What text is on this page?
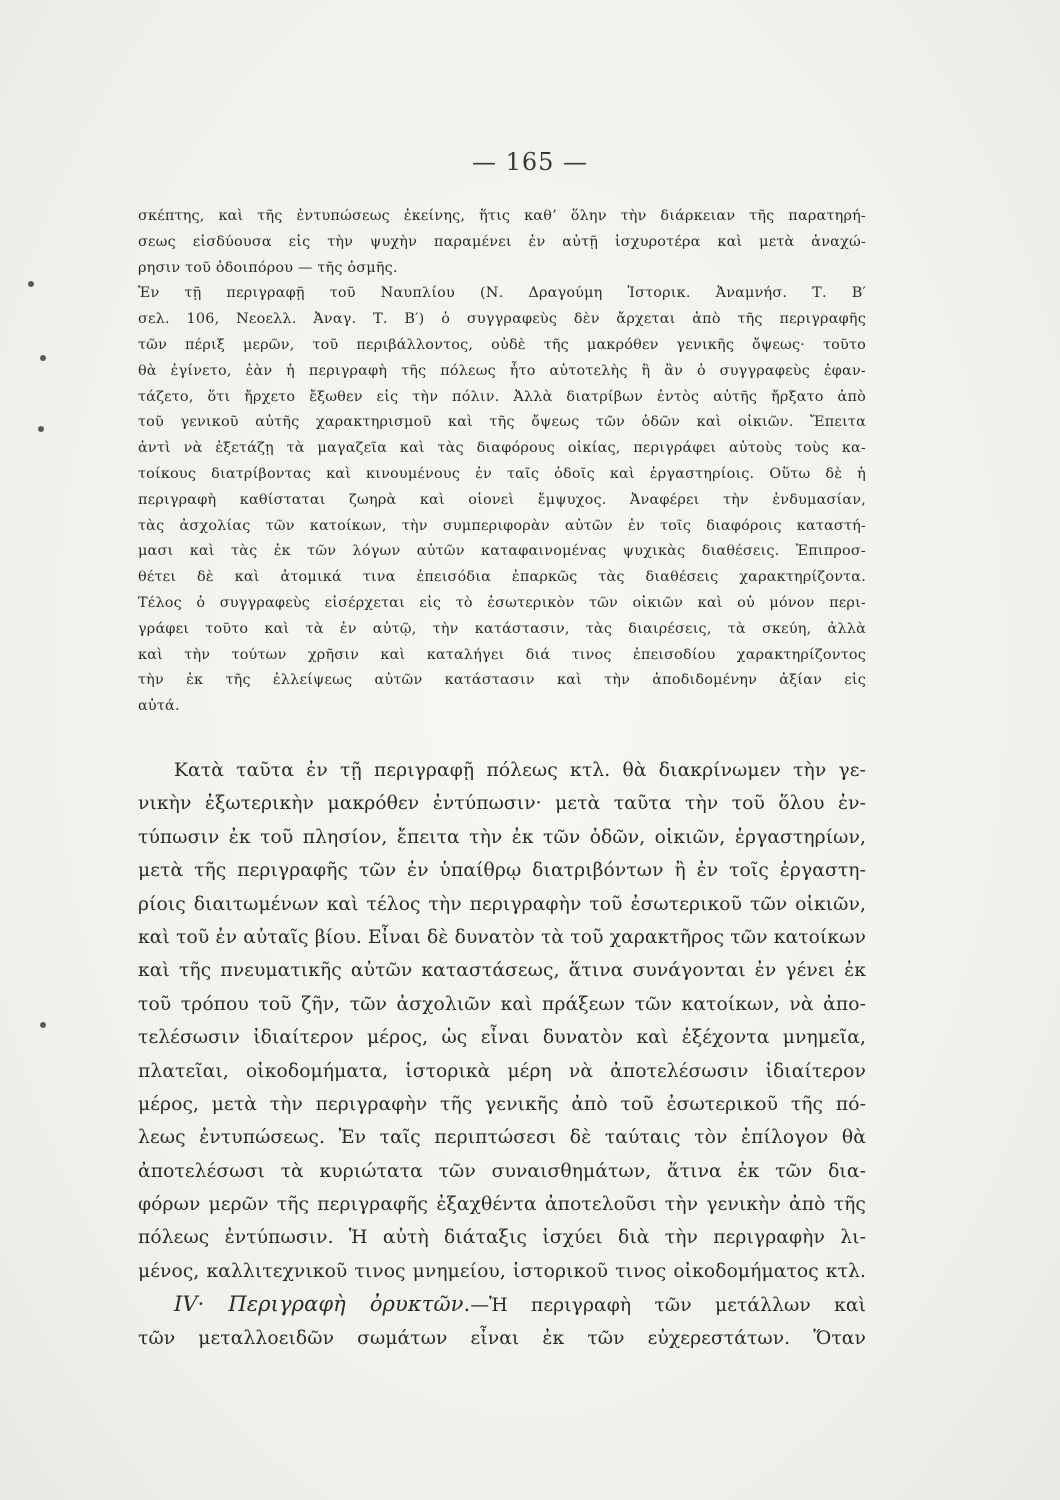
— 165 —
σκέπτης, καὶ τῆς ἐντυπώσεως ἐκείνης, ἥτις καθ’ ὅλην τὴν διάρκειαν τῆς παρατηρή-
σεως εἰσδύουσα εἰς τὴν ψυχὴν παραμένει ἐν αὐτῇ ἰσχυροτέρα καὶ μετὰ ἀναχώ-
ρησιν τοῦ ὁδοιπόρου — τῆς ὀσμῆς.
Ἐν τῇ περιγραφῇ τοῦ Ναυπλίου (Ν. Δραγούμη Ἱστορικ. Ἀναμνήσ. Τ. Β′
σελ. 106, Νεοελλ. Ἀναγ. Τ. Β′) ὁ συγγραφεὺς δὲν ἄρχεται ἀπὸ τῆς περιγραφῆς
τῶν πέριξ μερῶν, τοῦ περιβάλλοντος, οὐδὲ τῆς μακρόθεν γενικῆς ὄψεως· τοῦτο
θὰ ἐγίνετο, ἐὰν ἡ περιγραφὴ τῆς πόλεως ἦτο αὐτοτελὴς ἢ ἂν ὁ συγγραφεὺς ἐφαν-
τάζετο, ὅτι ἤρχετο ἔξωθεν εἰς τὴν πόλιν. Ἀλλὰ διατρίβων ἐντὸς αὐτῆς ἤρξατο ἀπὸ
τοῦ γενικοῦ αὐτῆς χαρακτηρισμοῦ καὶ τῆς ὄψεως τῶν ὁδῶν καὶ οἰκιῶν. Ἔπειτα
ἀντὶ νὰ ἐξετάζῃ τὰ μαγαζεῖα καὶ τὰς διαφόρους οἰκίας, περιγράφει αὐτοὺς τοὺς κα-
τοίκους διατρίβοντας καὶ κινουμένους ἐν ταῖς ὁδοῖς καὶ ἐργαστηρίοις. Οὕτω δὲ ἡ
περιγραφὴ καθίσταται ζωηρὰ καὶ οἱονεὶ ἔμψυχος. Ἀναφέρει τὴν ἐνδυμασίαν,
τὰς ἀσχολίας τῶν κατοίκων, τὴν συμπεριφορὰν αὐτῶν ἐν τοῖς διαφόροις καταστή-
μασι καὶ τὰς ἐκ τῶν λόγων αὐτῶν καταφαινομένας ψυχικὰς διαθέσεις. Ἐπιπροσ-
θέτει δὲ καὶ ἀτομικά τινα ἐπεισόδια ἐπαρκῶς τὰς διαθέσεις χαρακτηρίζοντα.
Τέλος ὁ συγγραφεὺς εἰσέρχεται εἰς τὸ ἐσωτερικὸν τῶν οἰκιῶν καὶ οὐ μόνον περι-
γράφει τοῦτο καὶ τὰ ἐν αὐτῷ, τὴν κατάστασιν, τὰς διαιρέσεις, τὰ σκεύη, ἀλλὰ
καὶ τὴν τούτων χρῆσιν καὶ καταλήγει διά τινος ἐπεισοδίου χαρακτηρίζοντος
τὴν ἐκ τῆς ἐλλείψεως αὐτῶν κατάστασιν καὶ τὴν ἀποδιδομένην ἀξίαν εἰς
αὐτά.
Κατὰ ταῦτα ἐν τῇ περιγραφῇ πόλεως κτλ. θὰ διακρίνωμεν τὴν γε-
νικὴν ἐξωτερικὴν μακρόθεν ἐντύπωσιν· μετὰ ταῦτα τὴν τοῦ ὅλου ἐν-
τύπωσιν ἐκ τοῦ πλησίον, ἔπειτα τὴν ἐκ τῶν ὁδῶν, οἰκιῶν, ἐργαστηρίων,
μετὰ τῆς περιγραφῆς τῶν ἐν ὑπαίθρῳ διατριβόντων ἢ ἐν τοῖς ἐργαστη-
ρίοις διαιτωμένων καὶ τέλος τὴν περιγραφὴν τοῦ ἐσωτερικοῦ τῶν οἰκιῶν,
καὶ τοῦ ἐν αὐταῖς βίου. Εἶναι δὲ δυνατὸν τὰ τοῦ χαρακτῆρος τῶν κατοίκων
καὶ τῆς πνευματικῆς αὐτῶν καταστάσεως, ἅτινα συνάγονται ἐν γένει ἐκ
τοῦ τρόπου τοῦ ζῆν, τῶν ἀσχολιῶν καὶ πράξεων τῶν κατοίκων, νὰ ἀπο-
τελέσωσιν ἰδιαίτερον μέρος, ὡς εἶναι δυνατὸν καὶ ἐξέχοντα μνημεῖα,
πλατεῖαι, οἰκοδομήματα, ἱστορικὰ μέρη νὰ ἀποτελέσωσιν ἰδιαίτερον
μέρος, μετὰ τὴν περιγραφὴν τῆς γενικῆς ἀπὸ τοῦ ἐσωτερικοῦ τῆς πό-
λεως ἐντυπώσεως. Ἐν ταῖς περιπτώσεσι δὲ ταύταις τὸν ἐπίλογον θὰ
ἀποτελέσωσι τὰ κυριώτατα τῶν συναισθημάτων, ἅτινα ἐκ τῶν δια-
φόρων μερῶν τῆς περιγραφῆς ἐξαχθέντα ἀποτελοῦσι τὴν γενικὴν ἀπὸ τῆς
πόλεως ἐντύπωσιν. Ἡ αὐτὴ διάταξις ἰσχύει διὰ τὴν περιγραφὴν λι-
μένος, καλλιτεχνικοῦ τινος μνημείου, ἱστορικοῦ τινος οἰκοδομήματος κτλ.
IV· Περιγραφὴ ὀρυκτῶν.—Ἡ περιγραφὴ τῶν μετάλλων καὶ
τῶν μεταλλοειδῶν σωμάτων εἶναι ἐκ τῶν εὐχερεστάτων. Ὅταν
